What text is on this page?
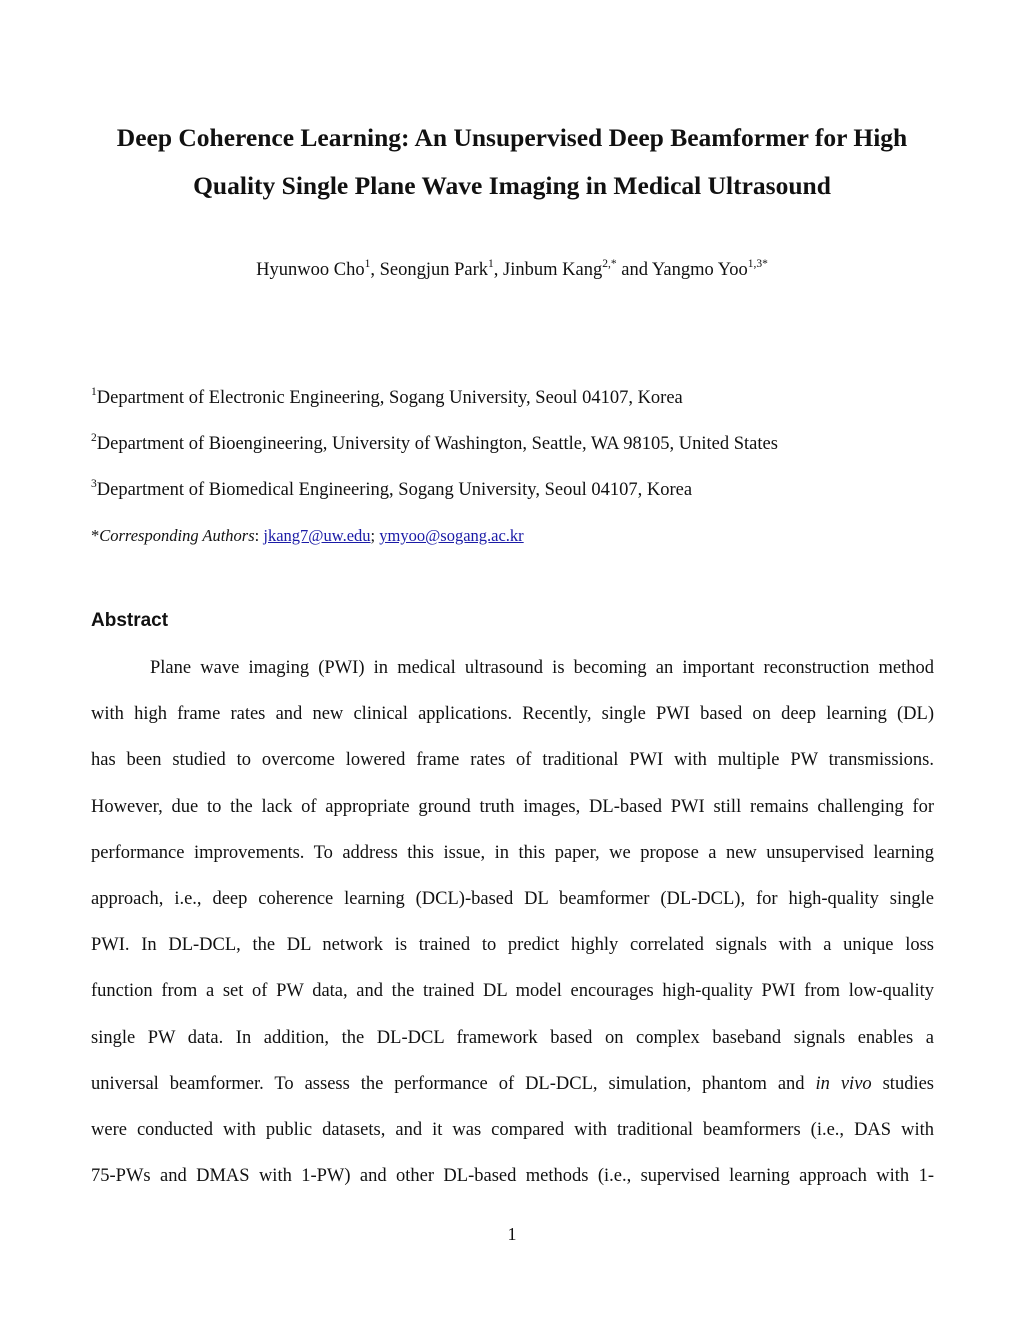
Deep Coherence Learning: An Unsupervised Deep Beamformer for High
Quality Single Plane Wave Imaging in Medical Ultrasound
Hyunwoo Cho$^1$, Seongjun Park$^1$, Jinbum Kang$^{2,*}$ and Yangmo Yoo$^{1,3*}$
$^1$Department of Electronic Engineering, Sogang University, Seoul 04107, Korea
$^2$Department of Bioengineering, University of Washington, Seattle, WA 98105, United States
$^3$Department of Biomedical Engineering, Sogang University, Seoul 04107, Korea
*Corresponding Authors: jkang7@uw.edu; ymyoo@sogang.ac.kr
Abstract
Plane wave imaging (PWI) in medical ultrasound is becoming an important reconstruction method
with high frame rates and new clinical applications. Recently, single PWI based on deep learning (DL)
has been studied to overcome lowered frame rates of traditional PWI with multiple PW transmissions.
However, due to the lack of appropriate ground truth images, DL-based PWI still remains challenging for
performance improvements. To address this issue, in this paper, we propose a new unsupervised learning
approach, i.e., deep coherence learning (DCL)-based DL beamformer (DL-DCL), for high-quality single
PWI. In DL-DCL, the DL network is trained to predict highly correlated signals with a unique loss
function from a set of PW data, and the trained DL model encourages high-quality PWI from low-quality
single PW data. In addition, the DL-DCL framework based on complex baseband signals enables a
universal beamformer. To assess the performance of DL-DCL, simulation, phantom and in vivo studies
were conducted with public datasets, and it was compared with traditional beamformers (i.e., DAS with
75-PWs and DMAS with 1-PW) and other DL-based methods (i.e., supervised learning approach with 1-
1
